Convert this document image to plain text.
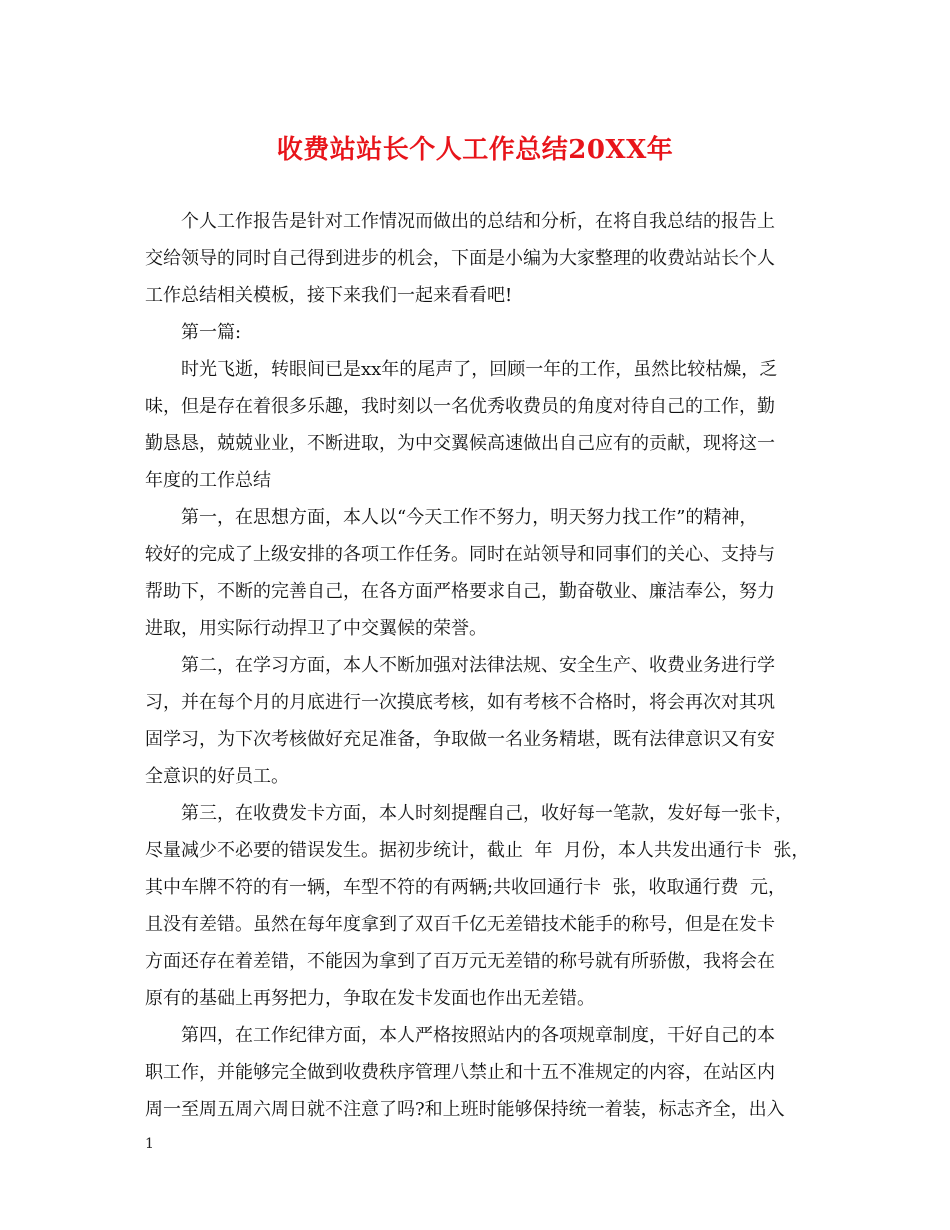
收费站站长个人工作总结20XX年
　　个人工作报告是针对工作情况而做出的总结和分析，在将自我总结的报告上
交给领导的同时自己得到进步的机会，下面是小编为大家整理的收费站站长个人
工作总结相关模板，接下来我们一起来看看吧!
　　第一篇:
　　时光飞逝，转眼间已是xx年的尾声了，回顾一年的工作，虽然比较枯燥，乏
味，但是存在着很多乐趣，我时刻以一名优秀收费员的角度对待自己的工作，勤
勤恳恳，兢兢业业，不断进取，为中交翼候高速做出自己应有的贡献，现将这一
年度的工作总结
　　第一，在思想方面，本人以“今天工作不努力，明天努力找工作”的精神，
较好的完成了上级安排的各项工作任务。同时在站领导和同事们的关心、支持与
帮助下，不断的完善自己，在各方面严格要求自己，勤奋敬业、廉洁奉公，努力
进取，用实际行动捍卫了中交翼候的荣誉。
　　第二，在学习方面，本人不断加强对法律法规、安全生产、收费业务进行学
习，并在每个月的月底进行一次摸底考核，如有考核不合格时，将会再次对其巩
固学习，为下次考核做好充足准备，争取做一名业务精堪，既有法律意识又有安
全意识的好员工。
　　第三，在收费发卡方面，本人时刻提醒自己，收好每一笔款，发好每一张卡，
尽量减少不必要的错误发生。据初步统计，截止  年  月份，本人共发出通行卡  张，
其中车牌不符的有一辆，车型不符的有两辆;共收回通行卡  张，收取通行费  元，
且没有差错。虽然在每年度拿到了双百千亿无差错技术能手的称号，但是在发卡
方面还存在着差错，不能因为拿到了百万元无差错的称号就有所骄傲，我将会在
原有的基础上再努把力，争取在发卡发面也作出无差错。
　　第四，在工作纪律方面，本人严格按照站内的各项规章制度，干好自己的本
职工作，并能够完全做到收费秩序管理八禁止和十五不准规定的内容，在站区内
周一至周五周六周日就不注意了吗?和上班时能够保持统一着装，标志齐全，出入
1
